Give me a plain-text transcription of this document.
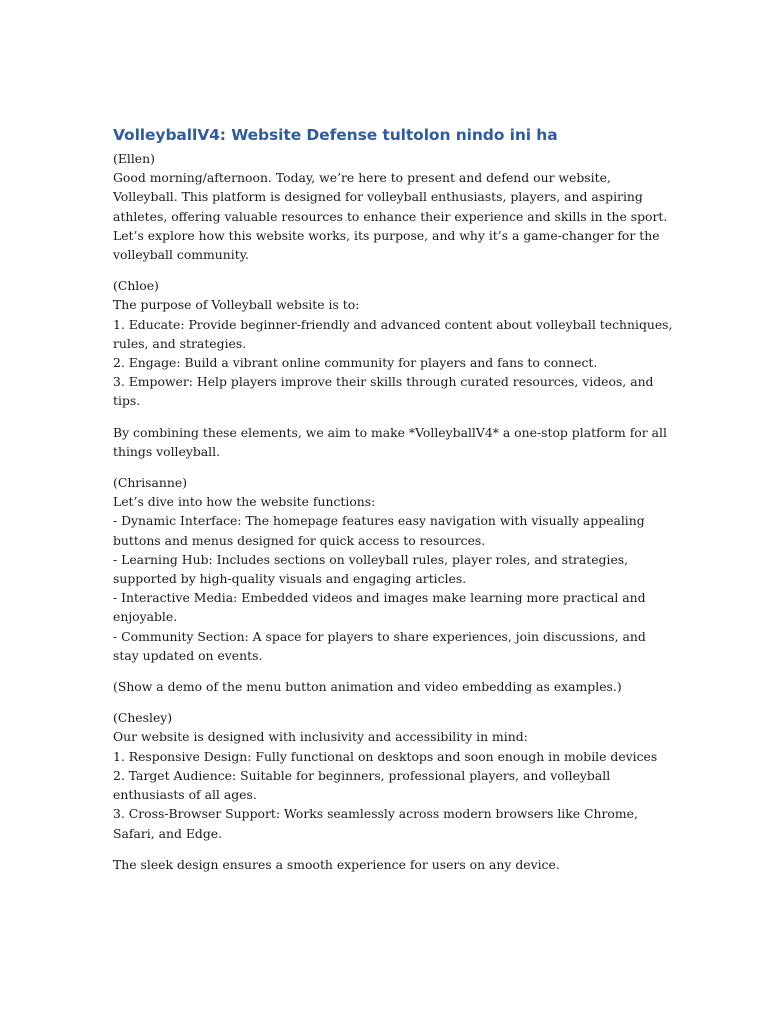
VolleyballV4: Website Defense tultolon nindo ini ha
(Ellen)
Good morning/afternoon. Today, we’re here to present and defend our website, Volleyball. This platform is designed for volleyball enthusiasts, players, and aspiring athletes, offering valuable resources to enhance their experience and skills in the sport.
Let’s explore how this website works, its purpose, and why it’s a game-changer for the volleyball community.
(Chloe)
The purpose of Volleyball website is to:
1. Educate: Provide beginner-friendly and advanced content about volleyball techniques, rules, and strategies.
2. Engage: Build a vibrant online community for players and fans to connect.
3. Empower: Help players improve their skills through curated resources, videos, and tips.
By combining these elements, we aim to make *VolleyballV4* a one-stop platform for all things volleyball.
(Chrisanne)
Let’s dive into how the website functions:
- Dynamic Interface: The homepage features easy navigation with visually appealing buttons and menus designed for quick access to resources.
- Learning Hub: Includes sections on volleyball rules, player roles, and strategies, supported by high-quality visuals and engaging articles.
- Interactive Media: Embedded videos and images make learning more practical and enjoyable.
- Community Section: A space for players to share experiences, join discussions, and stay updated on events.
(Show a demo of the menu button animation and video embedding as examples.)
(Chesley)
Our website is designed with inclusivity and accessibility in mind:
1. Responsive Design: Fully functional on desktops and soon enough in mobile devices
2. Target Audience: Suitable for beginners, professional players, and volleyball enthusiasts of all ages.
3. Cross-Browser Support: Works seamlessly across modern browsers like Chrome, Safari, and Edge.
The sleek design ensures a smooth experience for users on any device.
